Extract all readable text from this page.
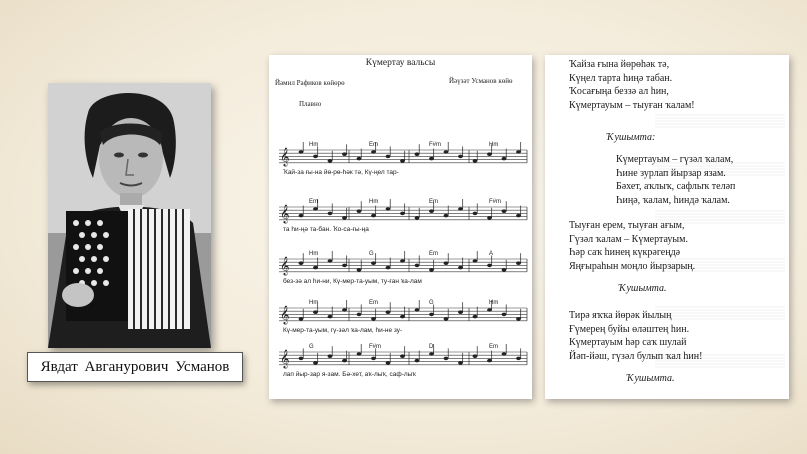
Явдат Авганурович Усманов
Күмертау вальсы
Йәмил Рафиков көйөрө	Йәүзәт Усманов көйө
Плавно
𝄞
Нm	Em	F#m	Hm
Ҡай-за ғы-на йө-рө-һәк тә, Кү-ңел тар-
𝄞
Em	Hm	Em	F#m
та һи-ңә та-бан. Ҡо-са-ғы-ңа
𝄞
Hm	G	Em	A
без-зә ал һи-ни, Кү-мер-та-уым, ту-ған ҡа-лам
𝄞
Hm	Em	G	Hm
Кү-мер-та-уым, гү-зәл ҡа-лам, һи-не зу-
𝄞
G	F#m	D	Em
лап йыр-зар я-зам. Бә-хет, аҡ-лыҡ, саф-лыҡ
Ҡайза ғына йөрөһәк тә,
Күңел тарта һиңә табан.
Ҡосағыңа беззә ал һин,
Күмертауым – тыуған ҡалам!
Ҡушымта:
Күмертауым – гүзәл ҡалам,
Һине зурлап йырзар язам.
Бәхет, аҡлыҡ, сафлыҡ теләп
Һиңә, ҡалам, һиндә ҡалам.
Тыуған ерем, тыуған ағым,
Гүзәл ҡалам – Күмертауым.
Һәр саҡ һинең күкрәгеңдә
Яңғыраһын моңло йырзарың.
Ҡушымта.
Тирә яҡҡа йөрәк йылың
Ғүмерең буйы өләштең һин.
Күмертауым һәр саҡ шулай
Йәп-йәш, гүзәл булып ҡал һин!
Ҡушымта.
